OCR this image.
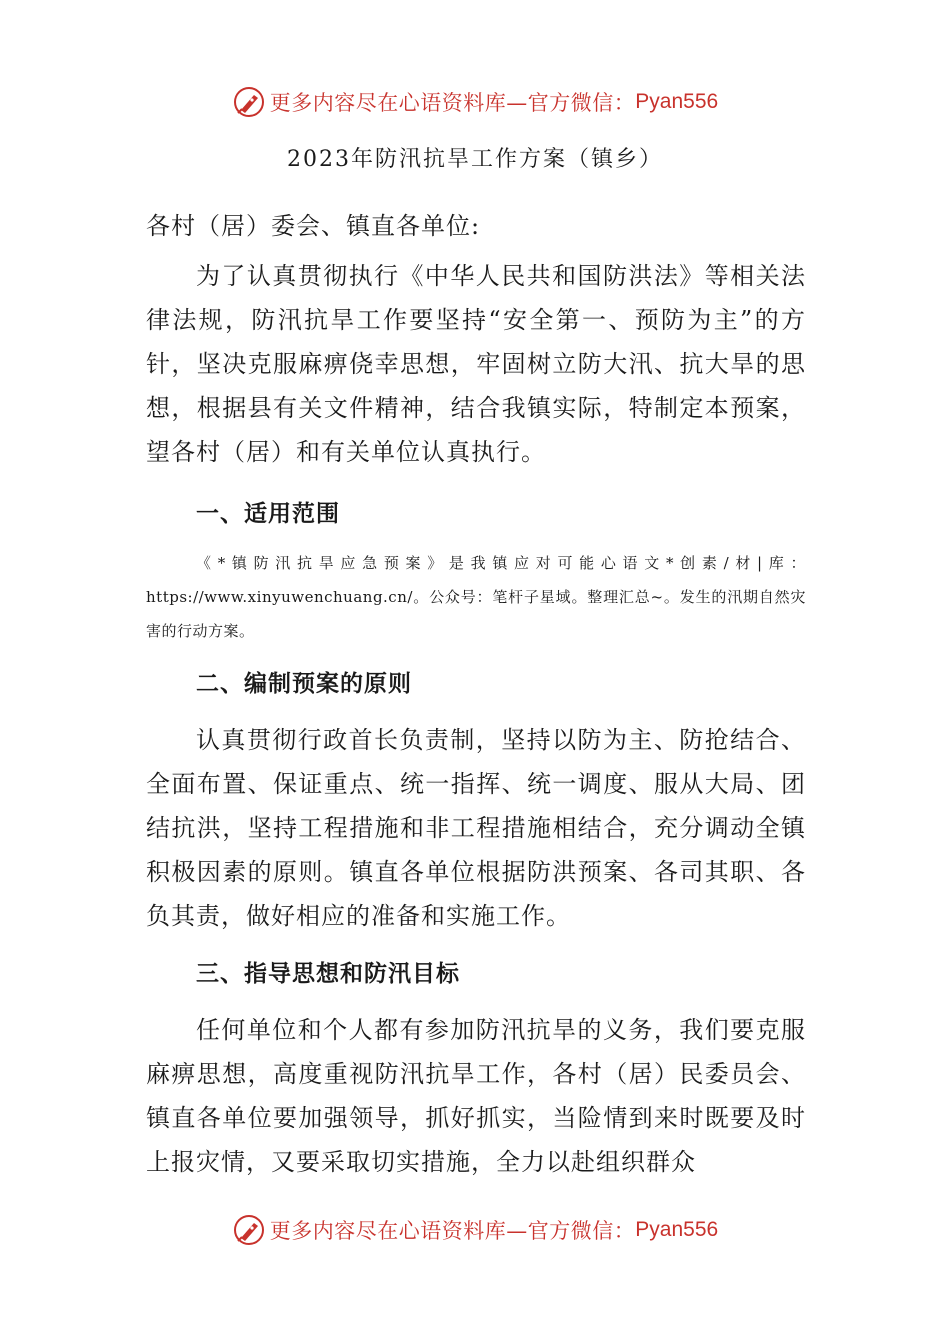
更多内容尽在心语资料库—官方微信： Pyan556
2023年防汛抗旱工作方案（镇乡）

各村（居）委会、镇直各单位:

为了认真贯彻执行《中华人民共和国防洪法》等相关法律法规，防汛抗旱工作要坚持“安全第一、预防为主”的方针，坚决克服麻痹侥幸思想，牢固树立防大汛、抗大旱的思想，根据县有关文件精神，结合我镇实际，特制定本预案，望各村（居）和有关单位认真执行。

一、适用范围

《*镇防汛抗旱应急预案》是我镇应对可能心语文*创素/材|库：https://www.xinyuwenchuang.cn/。公众号：笔杆子星域。整理汇总~。发生的汛期自然灾害的行动方案。

二、编制预案的原则

认真贯彻行政首长负责制，坚持以防为主、防抢结合、全面布置、保证重点、统一指挥、统一调度、服从大局、团结抗洪，坚持工程措施和非工程措施相结合，充分调动全镇积极因素的原则。镇直各单位根据防洪预案、各司其职、各负其责，做好相应的准备和实施工作。

三、指导思想和防汛目标

任何单位和个人都有参加防汛抗旱的义务，我们要克服麻痹思想，高度重视防汛抗旱工作，各村（居）民委员会、镇直各单位要加强领导，抓好抓实，当险情到来时既要及时上报灾情，又要采取切实措施，全力以赴组织群众

更多内容尽在心语资料库—官方微信： Pyan556
